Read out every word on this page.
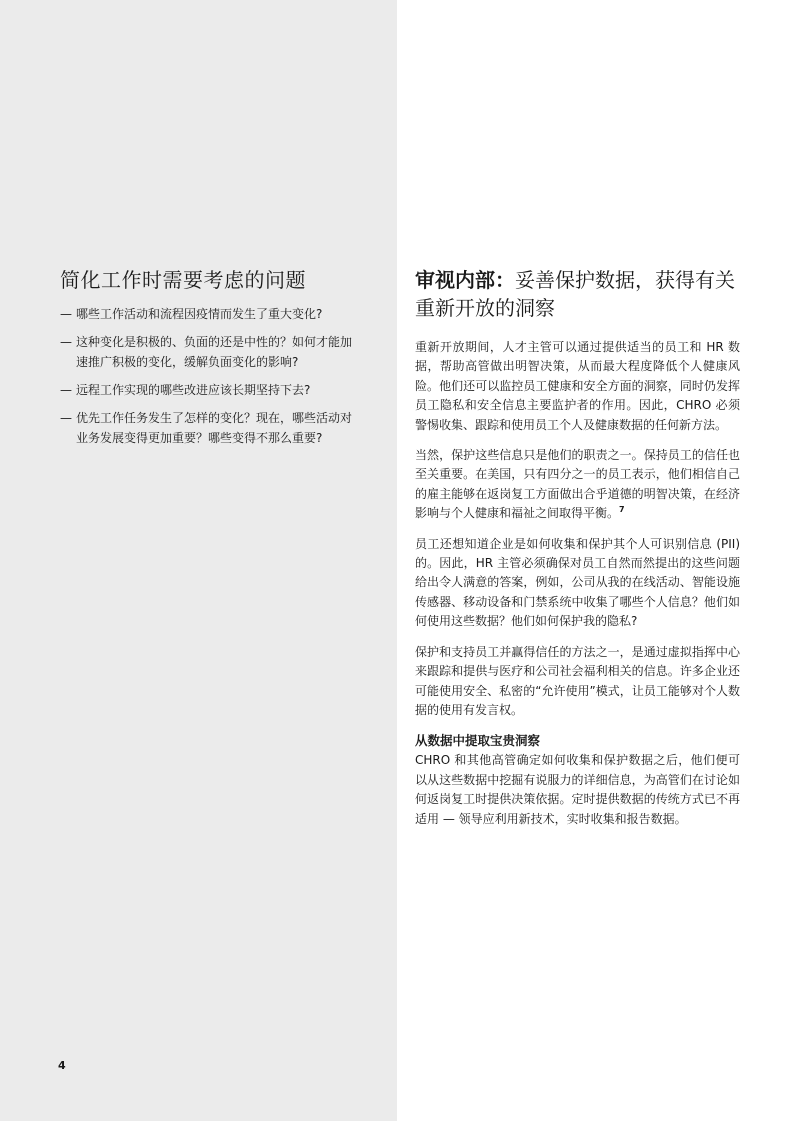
简化工作时需要考虑的问题
— 哪些工作活动和流程因疫情而发生了重大变化?
— 这种变化是积极的、负面的还是中性的？如何才能加速推广积极的变化，缓解负面变化的影响?
— 远程工作实现的哪些改进应该长期坚持下去?
— 优先工作任务发生了怎样的变化？现在，哪些活动对业务发展变得更加重要？哪些变得不那么重要?
4
审视内部：妥善保护数据，获得有关重新开放的洞察

重新开放期间，人才主管可以通过提供适当的员工和 HR 数据，帮助高管做出明智决策，从而最大程度降低个人健康风险。他们还可以监控员工健康和安全方面的洞察，同时仍发挥员工隐私和安全信息主要监护者的作用。因此，CHRO 必须警惕收集、跟踪和使用员工个人及健康数据的任何新方法。

当然，保护这些信息只是他们的职责之一。保持员工的信任也至关重要。在美国，只有四分之一的员工表示，他们相信自己的雇主能够在返岗复工方面做出合乎道德的明智决策，在经济影响与个人健康和福祉之间取得平衡。$^7$

员工还想知道企业是如何收集和保护其个人可识别信息 (PII) 的。因此，HR 主管必须确保对员工自然而然提出的这些问题给出令人满意的答案，例如，公司从我的在线活动、智能设施传感器、移动设备和门禁系统中收集了哪些个人信息？他们如何使用这些数据？他们如何保护我的隐私?

保护和支持员工并赢得信任的方法之一，是通过虚拟指挥中心来跟踪和提供与医疗和公司社会福利相关的信息。许多企业还可能使用安全、私密的“允许使用”模式，让员工能够对个人数据的使用有发言权。

从数据中提取宝贵洞察

CHRO 和其他高管确定如何收集和保护数据之后，他们便可以从这些数据中挖掘有说服力的详细信息，为高管们在讨论如何返岗复工时提供决策依据。定时提供数据的传统方式已不再适用 — 领导应利用新技术，实时收集和报告数据。
